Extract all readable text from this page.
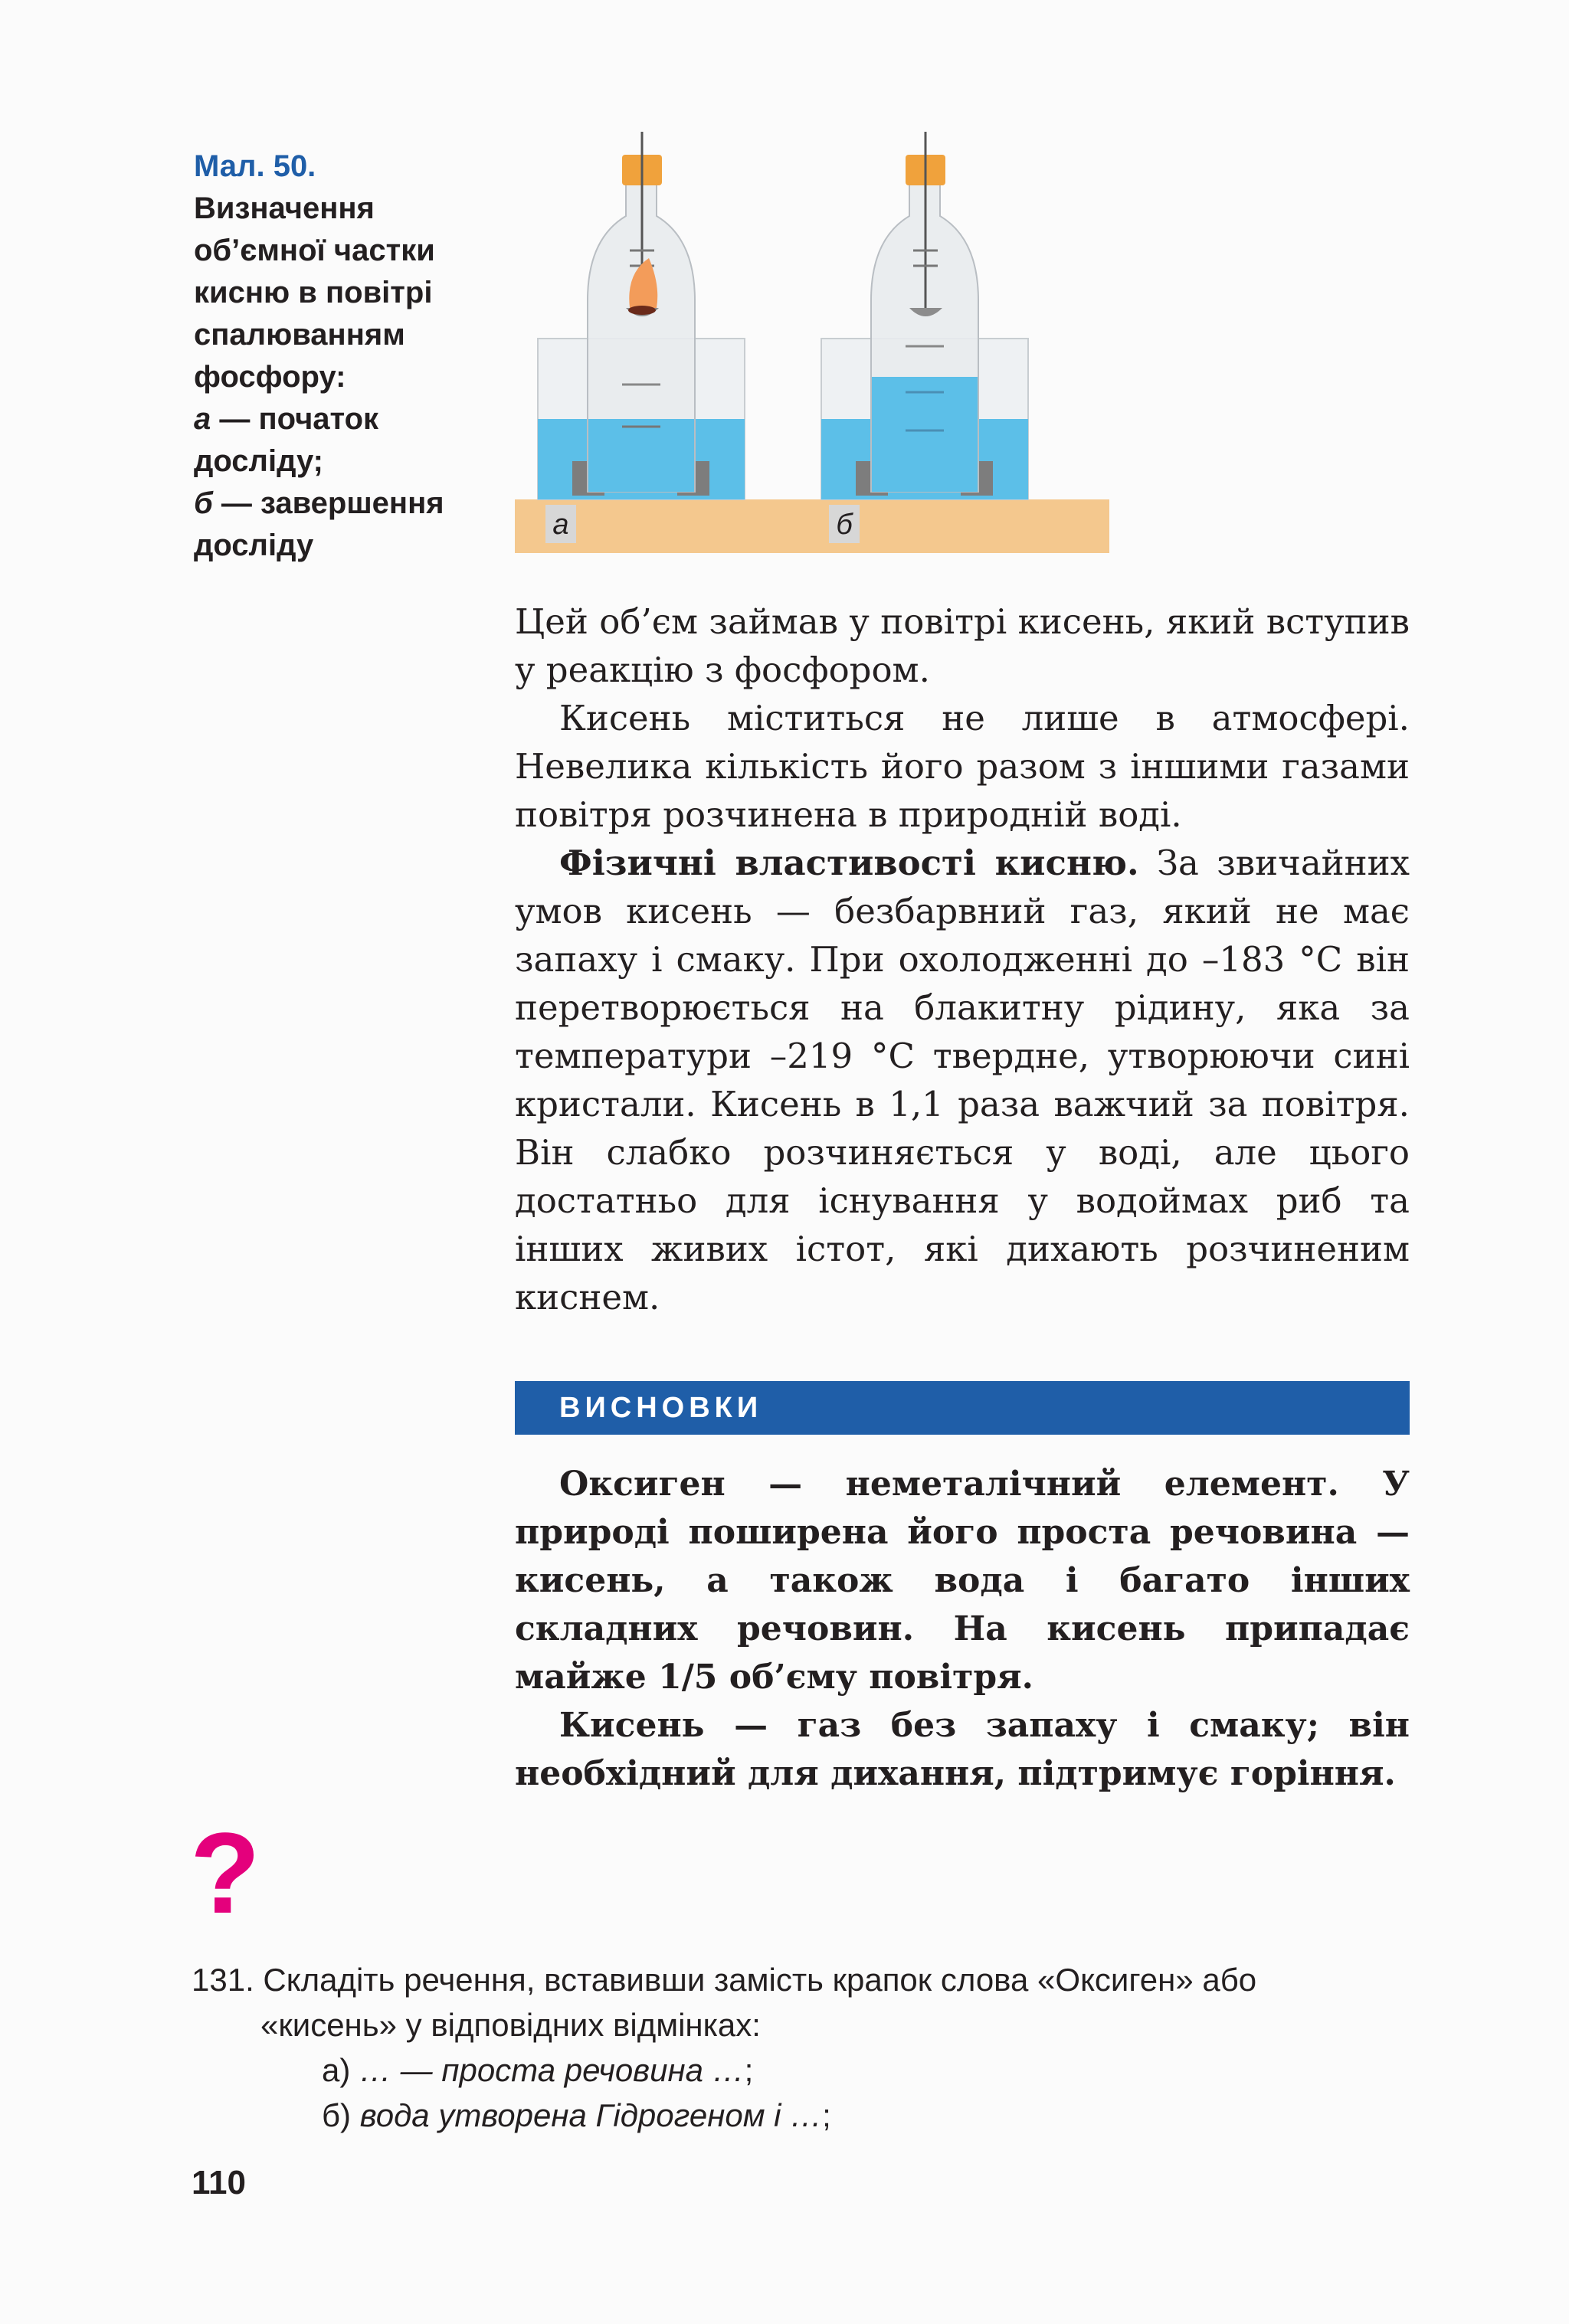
Мал. 50.
Визначення
об’ємної частки
кисню в повітрі
спалюванням
фосфору:
а — початок
досліду;
б — завершення
досліду
а	б

Цей об’єм займав у повітрі кисень, який вступив у реакцію з фосфором.

Кисень міститься не лише в атмосфері. Невелика кількість його разом з іншими газами повітря розчинена в природній воді.

Фізичні властивості кисню. За звичайних умов кисень — безбарвний газ, який не має запаху і смаку. При охолодженні до –183 °С він перетворюється на блакитну рідину, яка за температури –219 °С твердне, утворюючи сині кристали. Кисень в 1,1 раза важчий за повітря. Він слабко розчиняється у воді, але цього достатньо для існування у водоймах риб та інших живих істот, які дихають розчиненим киснем.

ВИСНОВКИ

Оксиген — неметалічний елемент. У природі поширена його проста речовина — кисень, а також вода і багато інших складних речовин. На кисень припадає майже 1/5 об’єму повітря.

Кисень — газ без запаху і смаку; він необхідний для дихання, підтримує горіння.

?
131. Складіть речення, вставивши замість крапок слова «Оксиген» або
«кисень» у відповідних відмінках:
а) … — проста речовина …;
б) вода утворена Гідрогеном і …;
110
